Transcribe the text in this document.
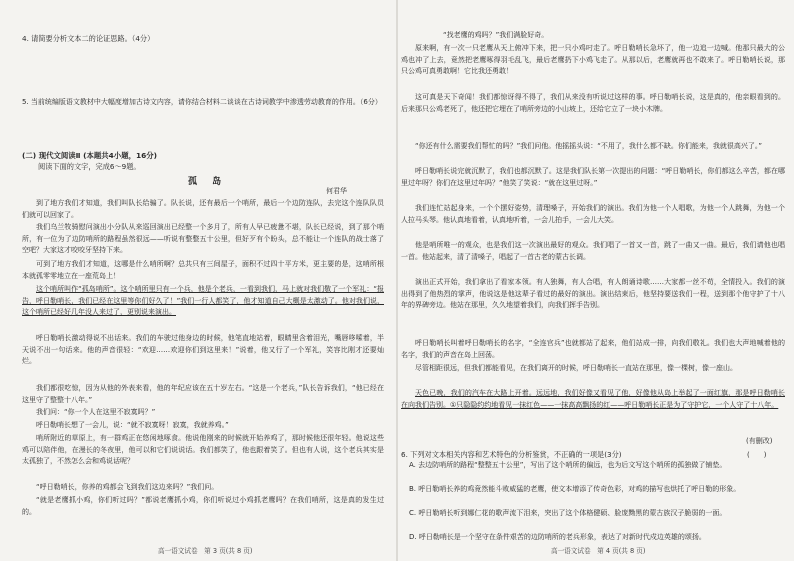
4. 请简要分析文本二的论证思路。（4分）
5. 当前统编版语文教材中大幅度增加古诗文内容，请你结合材料二谈谈在古诗词教学中渗透劳动教育的作用。（6分）
(二) 现代文阅读Ⅱ (本题共4小题，16分)
阅读下面的文字，完成6～9题。
孤 岛
何君华
到了地方我们才知道，我们叫队长给骗了。队长说，还有最后一个哨所，最后一个边防连队，去完这个连队队员们就可以回家了。
我们乌兰牧骑慰问演出小分队从来巡回演出已经整一个多月了，所有人早已疲惫不堪，队长已经说，到了那个哨所，有一位为了边防哨所的路程虽然很远——听说有整整五十公里，但好歹有个盼头，总不能让一个连队的战士落了空吧？大家这才咬咬牙坚持下来。
可到了地方我们才知道，这哪是什么哨所啊？总共只有三间屋子，面积不过四十平方米，更主要的是，这哨所根本就孤零零地立在一座荒岛上！
这个哨所叫作“孤岛哨所”。这个哨所里只有一个兵，他是个老兵，一看到我们，马上就对我们敬了一个军礼：“报告，呼日勒哨长，我们已经在这里等你们好久了！”我们一行人都笑了，他才知道自己大概是太激动了。他对我们说，这个哨所已经好几年没人来过了，更别说来演出。
呼日勒哨长激动得说不出话来。我们的车驶过他身边的时候，他笔直地站着，眼睛里含着泪光，嘴唇哆嗦着，半天说不出一句话来。他的声音很轻：“欢迎……欢迎你们到这里来！”说着，他又行了一个军礼，笑容比刚才还要灿烂。
我们都很吃惊，因为从他的外表来看，他的年纪应该在五十岁左右。“这是一个老兵，”队长告诉我们，“他已经在这里守了整整十八年。”
我们问：“你一个人在这里不寂寞吗？”
呼日勒哨长想了一会儿，说：“就不寂寞呀！寂寞，我就养鸡。”
哨所附近的草原上，有一群鸡正在悠闲地啄食。他说他刚来的时候就开始养鸡了，那时候他还很年轻。他说这些鸡可以陪伴他，在漫长的冬夜里，他可以和它们说说话。我们都笑了，他也跟着笑了。但也有人说，这个老兵其实是太孤独了，不然怎么会和鸡说话呢？
“呼日勒哨长，你养的鸡都会飞到我们这边来吗？”我们问。
“就是老鹰抓小鸡，你们听过吗？”都说老鹰抓小鸡，你们听说过小鸡抓老鹰吗？在我们哨所，这是真的发生过的。
高一语文试卷　第 3 页(共 8 页)
“找老鹰的鸡吗？”我们满脸好奇。
原来啊，有一次一只老鹰从天上俯冲下来，把一只小鸡叼走了。呼日勒哨长急坏了，他一边追一边喊。他那只最大的公鸡也冲了上去，竟然把老鹰啄得羽毛乱飞，最后老鹰扔下小鸡飞走了。从那以后，老鹰就再也不敢来了。呼日勒哨长说，那只公鸡可真勇敢啊！它比我还勇敢！
这可真是天下奇闻！我们都惊讶得不得了，我们从来没有听说过这样的事。呼日勒哨长说，这是真的，他亲眼看到的。后来那只公鸡老死了，他还把它埋在了哨所旁边的小山坡上，还给它立了一块小木牌。
“你还有什么需要我们帮忙的吗？”我们问他。他摇摇头说：“不用了，我什么都不缺。你们能来，我就很高兴了。”
呼日勒哨长说完就沉默了，我们也都沉默了。这是我们队长第一次提出的问题：“呼日勒哨长，你们都这么辛苦，都在哪里过年呀？你们在这里过年吗？”他笑了笑说：“就在这里过呀。”
我们连忙站起身来，一个个摆好姿势，清理嗓子，开始我们的演出。我们为他一个人唱歌，为他一个人跳舞，为他一个人拉马头琴。他认真地看着，认真地听着，一会儿拍手，一会儿大笑。
他是哨所唯一的观众，也是我们这一次演出最好的观众。我们唱了一首又一首，跳了一曲又一曲。最后，我们请他也唱一首。他站起来，清了清嗓子，唱起了一首古老的蒙古长调。
演出正式开始，我们拿出了看家本领。有人独舞，有人合唱，有人朗诵诗歌……大家都一丝不苟，全情投入。我们的演出得到了他热烈的掌声，他说这是他这辈子看过的最好的演出。演出结束后，他坚持要送我们一程，送到那个他守护了十八年的界碑旁边。他站在那里，久久地望着我们，向我们挥手告别。
呼日勒哨长叫着呼日勒哨长的名字，“全连官兵”也就都站了起来，他们站成一排，向我们敬礼。我们也大声地喊着他的名字，我们的声音在岛上回荡。
尽管相距很远，但我们都能看见，在我们离开的时候，呼日勒哨长一直站在那里，像一棵树，像一座山。
天色已晚，我们的汽车在大路上开着。远远地，我们好像又看见了他，好像他从岛上举起了一面红旗，那是呼日勒哨长在向我们告别。①只隐隐约约地看见一抹红色——一抹高高飘扬的红——呼日勒哨长正是为了守护它，一个人守了十八年。
(有删改)
6. 下列对文本相关内容和艺术特色的分析鉴赏，不正确的一项是(3分)	(　　)
A. 去边防哨所的路程“整整五十公里”，写出了这个哨所的偏远，也为后文写这个哨所的孤独做了铺垫。
B. 呼日勒哨长养的鸡竟然能斗败威猛的老鹰，使文本增添了传奇色彩，对鸡的描写也烘托了呼日勒的形象。
C. 呼日勒哨长听到娜仁花的歌声流下泪来，突出了这个体格健硕、脸庞黝黑的蒙古族汉子脆弱的一面。
D. 呼日勒哨长是一个坚守在条件艰苦的边防哨所的老兵形象，表达了对新时代戍边英雄的颂扬。
高一语文试卷　第 4 页(共 8 页)
